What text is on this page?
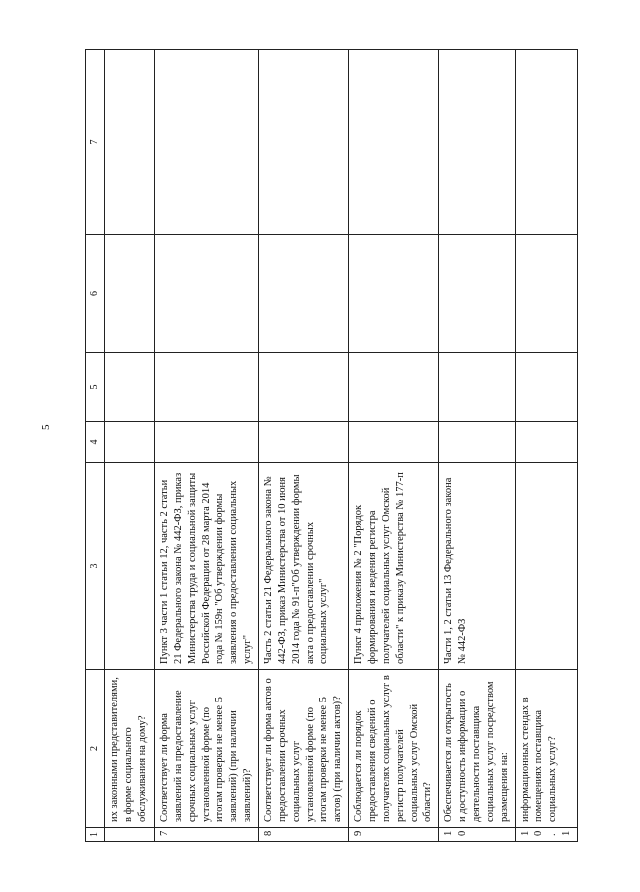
5
1	2	3	4	5	6	7
	их законными представителями, в форме социального обслуживания на дому?					
7	Соответствует ли форма заявлений на предоставление срочных социальных услуг установленной форме (по итогам проверки не менее 5 заявлений) (при наличии заявлений)?	Пункт 3 части 1 статьи 12, часть 2 статьи 21 Федерального закона № 442-ФЗ, приказ Министерства труда и социальной защиты Российской Федерации от 28 марта 2014 года № 159н "Об утверждении формы заявления о предоставлении социальных услуг"				
8	Соответствует ли форма актов о предоставлении срочных социальных услуг установленной форме (по итогам проверки не менее 5 актов) (при наличии актов)?	Часть 2 статьи 21 Федерального закона № 442-ФЗ, приказ Министерства от 10 июня 2014 года № 91-п"Об утверждении формы акта о предоставлении срочных социальных услуг"				
9	Соблюдается ли порядок предоставления сведений о получателях социальных услуг в регистр получателей социальных услуг Омской области?	Пункт 4 приложения № 2 "Порядок формирования и ведения регистра получателей социальных услуг Омской области" к приказу Министерства № 177-п				
10	Обеспечивается ли открытость и доступность информации о деятельности поставщика социальных услуг посредством размещения на:	Части 1, 2 статьи 13 Федерального закона № 442-ФЗ				
10.1	информационных стендах в помещениях поставщика социальных услуг?					
